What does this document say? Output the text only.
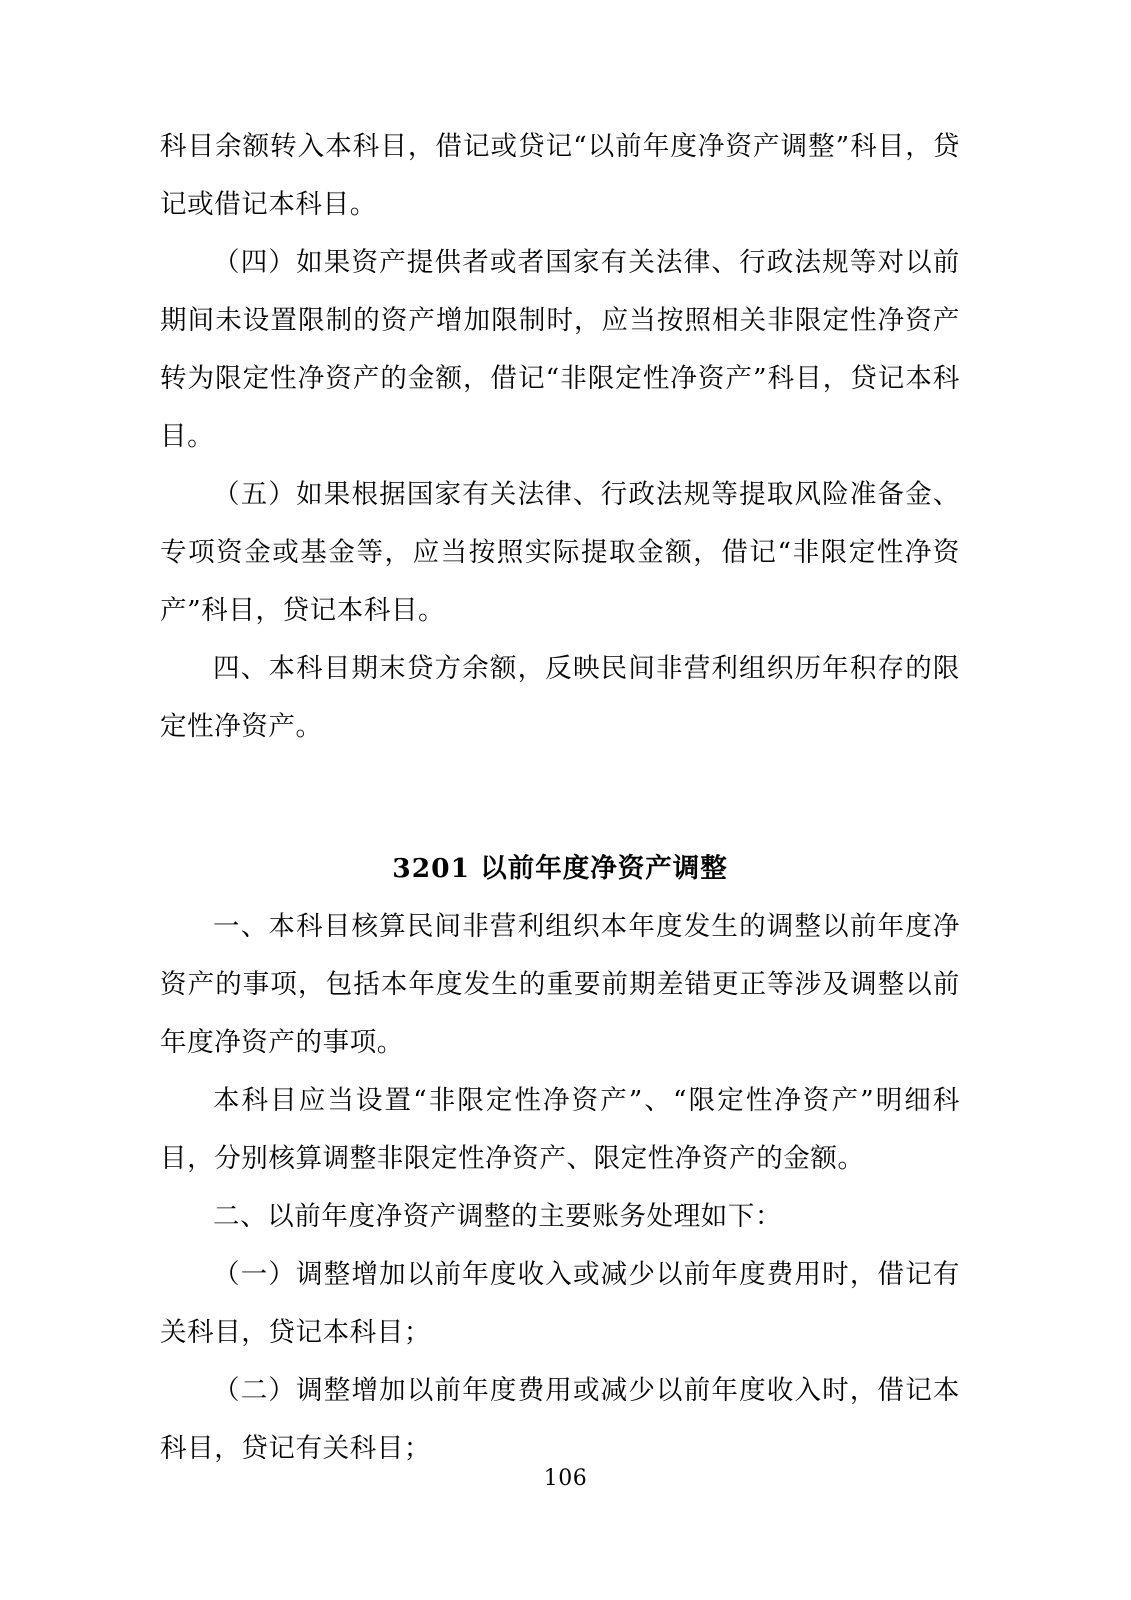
科目余额转入本科目，借记或贷记“以前年度净资产调整”科目，贷记或借记本科目。

（四）如果资产提供者或者国家有关法律、行政法规等对以前期间未设置限制的资产增加限制时，应当按照相关非限定性净资产转为限定性净资产的金额，借记“非限定性净资产”科目，贷记本科目。

（五）如果根据国家有关法律、行政法规等提取风险准备金、专项资金或基金等，应当按照实际提取金额，借记“非限定性净资产”科目，贷记本科目。

四、本科目期末贷方余额，反映民间非营利组织历年积存的限定性净资产。

3201 以前年度净资产调整

一、本科目核算民间非营利组织本年度发生的调整以前年度净资产的事项，包括本年度发生的重要前期差错更正等涉及调整以前年度净资产的事项。

本科目应当设置“非限定性净资产”、“限定性净资产”明细科目，分别核算调整非限定性净资产、限定性净资产的金额。

二、以前年度净资产调整的主要账务处理如下：

（一）调整增加以前年度收入或减少以前年度费用时，借记有关科目，贷记本科目；

（二）调整增加以前年度费用或减少以前年度收入时，借记本科目，贷记有关科目；

106
